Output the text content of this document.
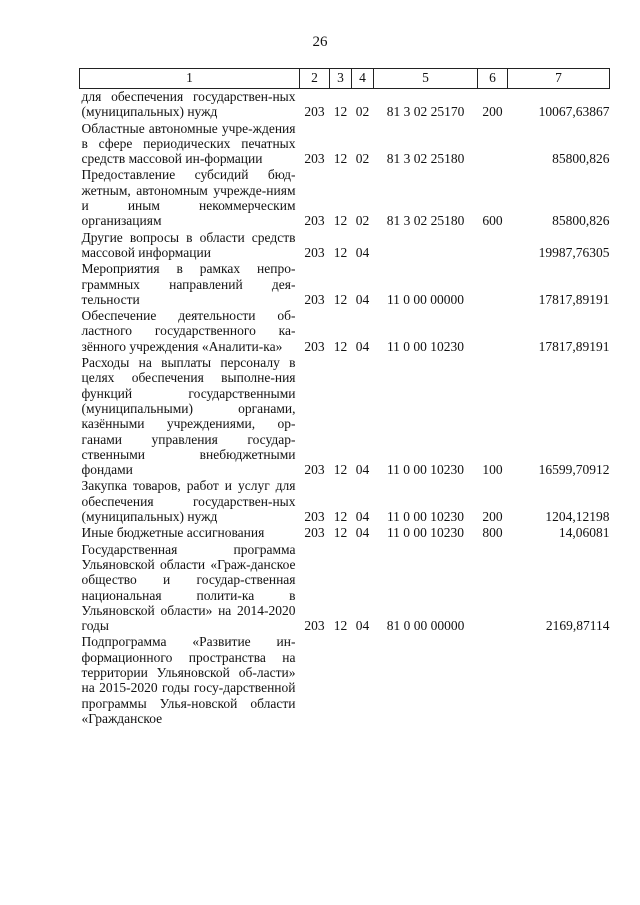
26
1	2	3	4	5	6	7
для обеспечения государствен-ных (муниципальных) нужд	203	12	02	81 3 02 25170	200	10067,63867
Областные автономные учре-ждения в сфере периодических печатных средств массовой ин-формации	203	12	02	81 3 02 25180		85800,826
Предоставление субсидий бюд-жетным, автономным учрежде-ниям и иным некоммерческим организациям	203	12	02	81 3 02 25180	600	85800,826
Другие вопросы в области средств массовой информации	203	12	04			19987,76305
Мероприятия в рамках непро-граммных направлений дея-тельности	203	12	04	11 0 00 00000		17817,89191
Обеспечение деятельности об-ластного государственного ка-зённого учреждения «Аналити-ка»	203	12	04	11 0 00 10230		17817,89191
Расходы на выплаты персоналу в целях обеспечения выполне-ния функций государственными (муниципальными) органами, казёнными учреждениями, ор-ганами управления государ-ственными внебюджетными фондами	203	12	04	11 0 00 10230	100	16599,70912
Закупка товаров, работ и услуг для обеспечения государствен-ных (муниципальных) нужд	203	12	04	11 0 00 10230	200	1204,12198
Иные бюджетные ассигнования	203	12	04	11 0 00 10230	800	14,06081
Государственная программа Ульяновской области «Граж-данское общество и государ-ственная национальная полити-ка в Ульяновской области» на 2014-2020 годы	203	12	04	81 0 00 00000		2169,87114
Подпрограмма «Развитие ин-формационного пространства на территории Ульяновской об-ласти» на 2015-2020 годы госу-дарственной программы Улья-новской области «Гражданское						
